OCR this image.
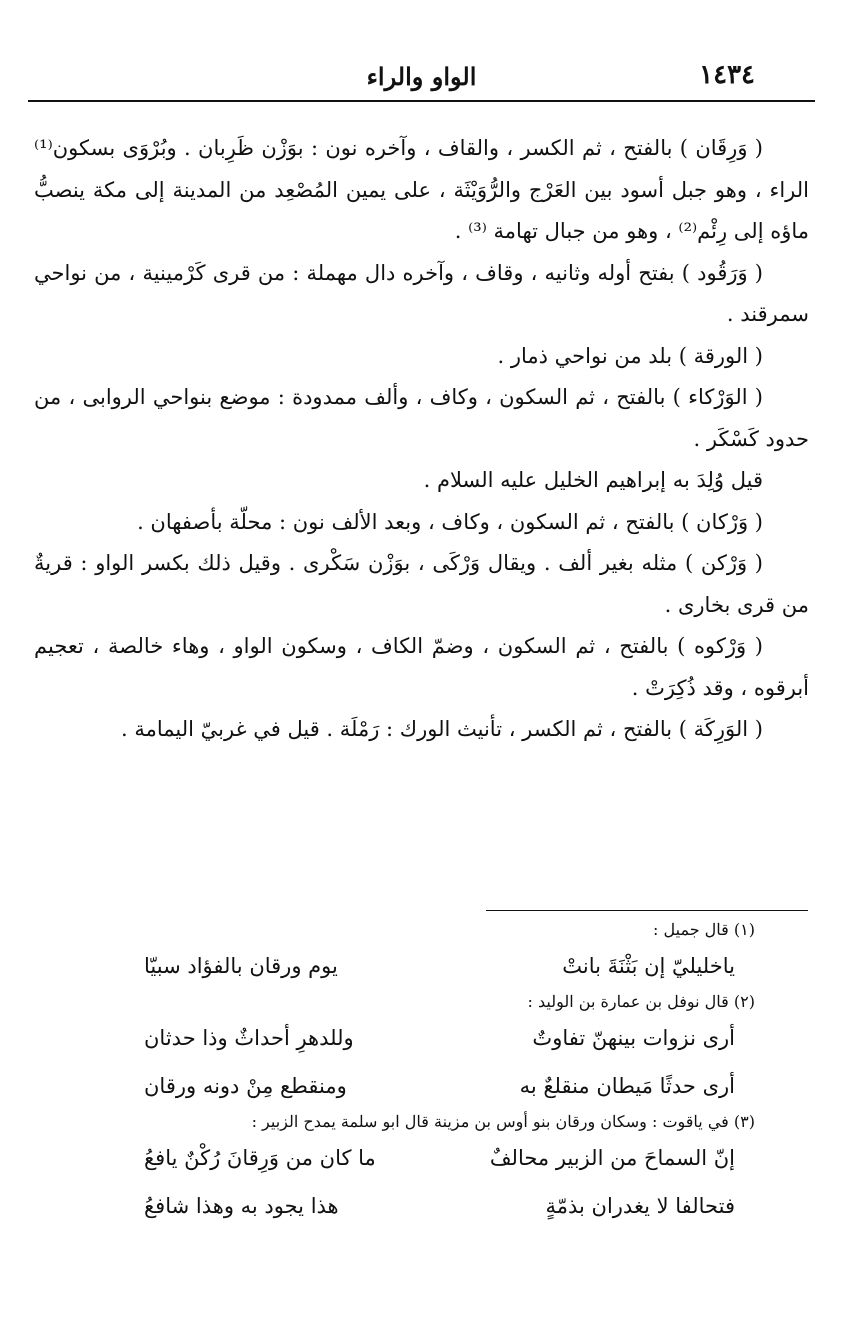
١٤٣٤
الواو والراء

( وَرِقَان ) بالفتح ، ثم الكسر ، والقاف ، وآخره نون : بوَزْن ظَرِبان . وبُرْوَى بسكون⁽¹⁾ الراء ، وهو جبل أسود بين العَرْج والرُّوَيْثَة ، على يمين المُصْعِد من المدينة إلى مكة ينصبُّ ماؤه إلى رِئْم⁽²⁾ ، وهو من جبال تهامة ⁽³⁾ .

( وَرَقُود ) بفتح أوله وثانيه ، وقاف ، وآخره دال مهملة : من قرى كَرْمينية ، من نواحي سمرقند .

( الورقة ) بلد من نواحي ذمار .

( الوَرْكاء ) بالفتح ، ثم السكون ، وكاف ، وألف ممدودة : موضع بنواحي الروابى ، من حدود كَسْكَر .

قيل وُلِدَ به إبراهيم الخليل عليه السلام .

( وَرْكان ) بالفتح ، ثم السكون ، وكاف ، وبعد الألف نون : محلّة بأصفهان .

( وَرْكن ) مثله بغير ألف . ويقال وَرْكَى ، بوَزْن سَكْرى . وقيل ذلك بكسر الواو : قريةٌ من قرى بخارى .

( وَرْكوه ) بالفتح ، ثم السكون ، وضمّ الكاف ، وسكون الواو ، وهاء خالصة ، تعجيم أبرقوه ، وقد ذُكِرَتْ .

( الوَرِكَة ) بالفتح ، ثم الكسر ، تأنيث الورك : رَمْلَة . قيل في غربيّ اليمامة .

(١) قال جميل :

ياخليليّ إن بَثْنَةَ بانتْ
يوم ورقان بالفؤاد سبيّا

(٢) قال نوفل بن عمارة بن الوليد :

أرى نزوات بينهنّ تفاوتٌ
وللدهرِ أحداثٌ وذا حدثان
أرى حدثًا مَيطان منقلعٌ به
ومنقطع مِنْ دونه ورقان

(٣) في ياقوت : وسكان ورقان بنو أوس بن مزينة قال ابو سلمة يمدح الزبير :

إنّ السماحَ من الزبير محالفٌ
ما كان من وَرِقانَ رُكْنٌ يافعُ
فتحالفا لا يغدران بذمّةٍ
هذا يجود به وهذا شافعُ
